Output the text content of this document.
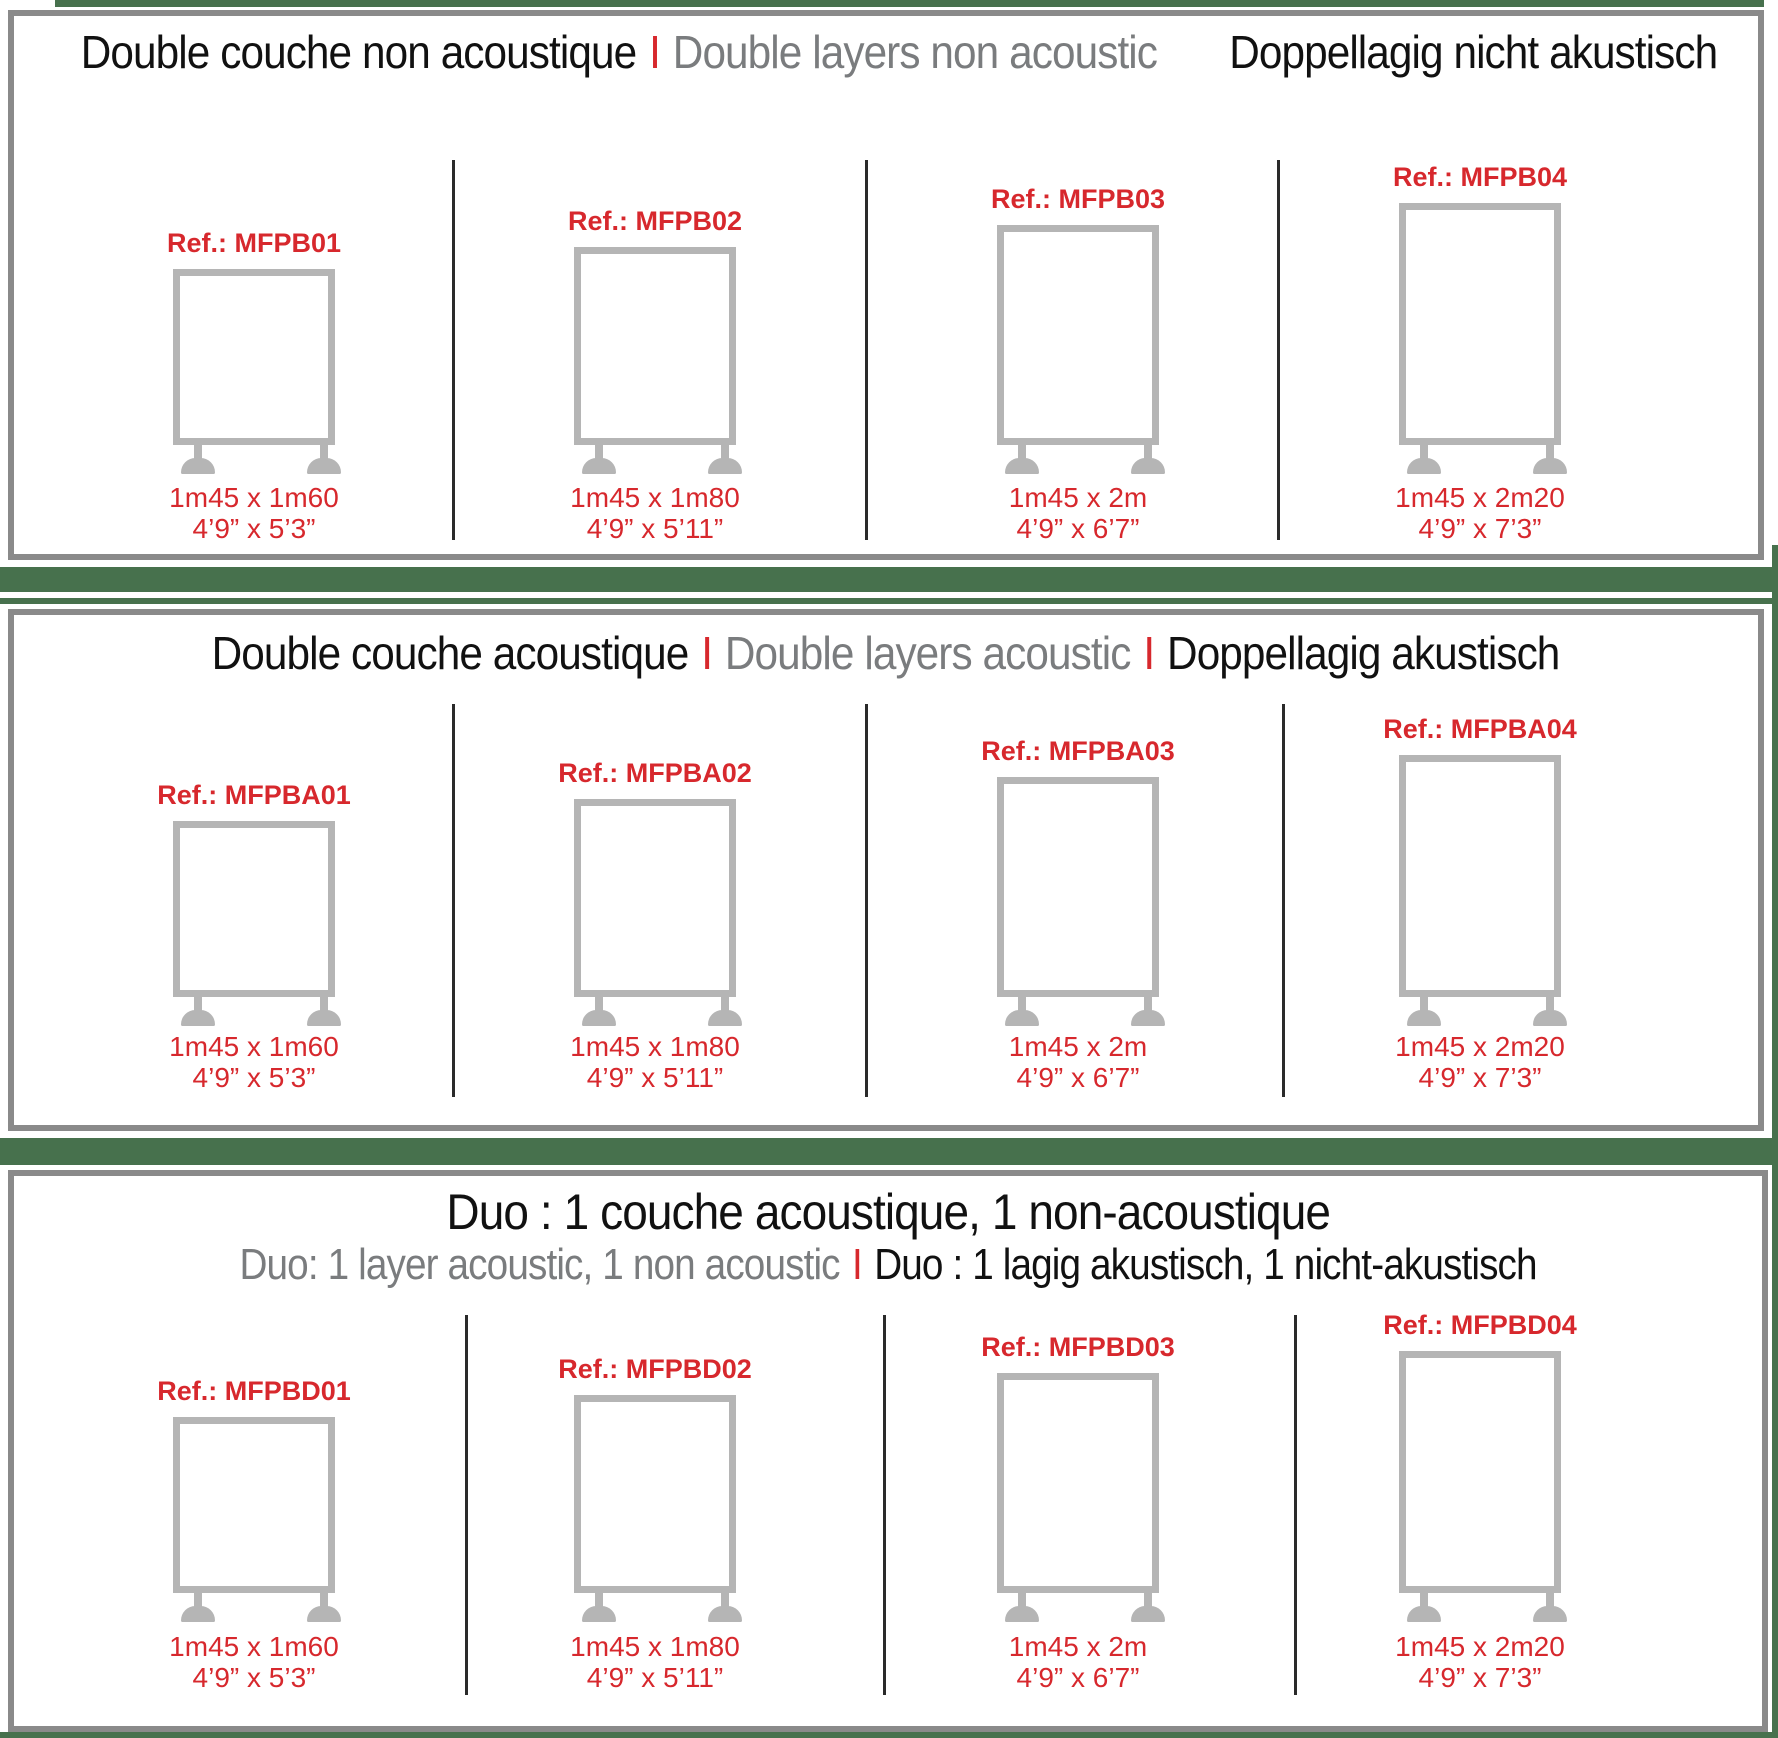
Double couche non acoustique I Double layers non acoustic Doppellagig nicht akustisch
Ref.: MFPB01
1m45 x 1m60
4’9” x 5’3”
Ref.: MFPB02
1m45 x 1m80
4’9” x 5’11”
Ref.: MFPB03
1m45 x 2m
4’9” x 6’7”
Ref.: MFPB04
1m45 x 2m20
4’9” x 7’3”
Double couche acoustique I Double layers acoustic I Doppellagig akustisch
Ref.: MFPBA01
1m45 x 1m60
4’9” x 5’3”
Ref.: MFPBA02
1m45 x 1m80
4’9” x 5’11”
Ref.: MFPBA03
1m45 x 2m
4’9” x 6’7”
Ref.: MFPBA04
1m45 x 2m20
4’9” x 7’3”
Duo : 1 couche acoustique, 1 non-acoustique Duo: 1 layer acoustic, 1 non acoustic I Duo : 1 lagig akustisch, 1 nicht-akustisch
Ref.: MFPBD01
1m45 x 1m60
4’9” x 5’3”
Ref.: MFPBD02
1m45 x 1m80
4’9” x 5’11”
Ref.: MFPBD03
1m45 x 2m
4’9” x 6’7”
Ref.: MFPBD04
1m45 x 2m20
4’9” x 7’3”
